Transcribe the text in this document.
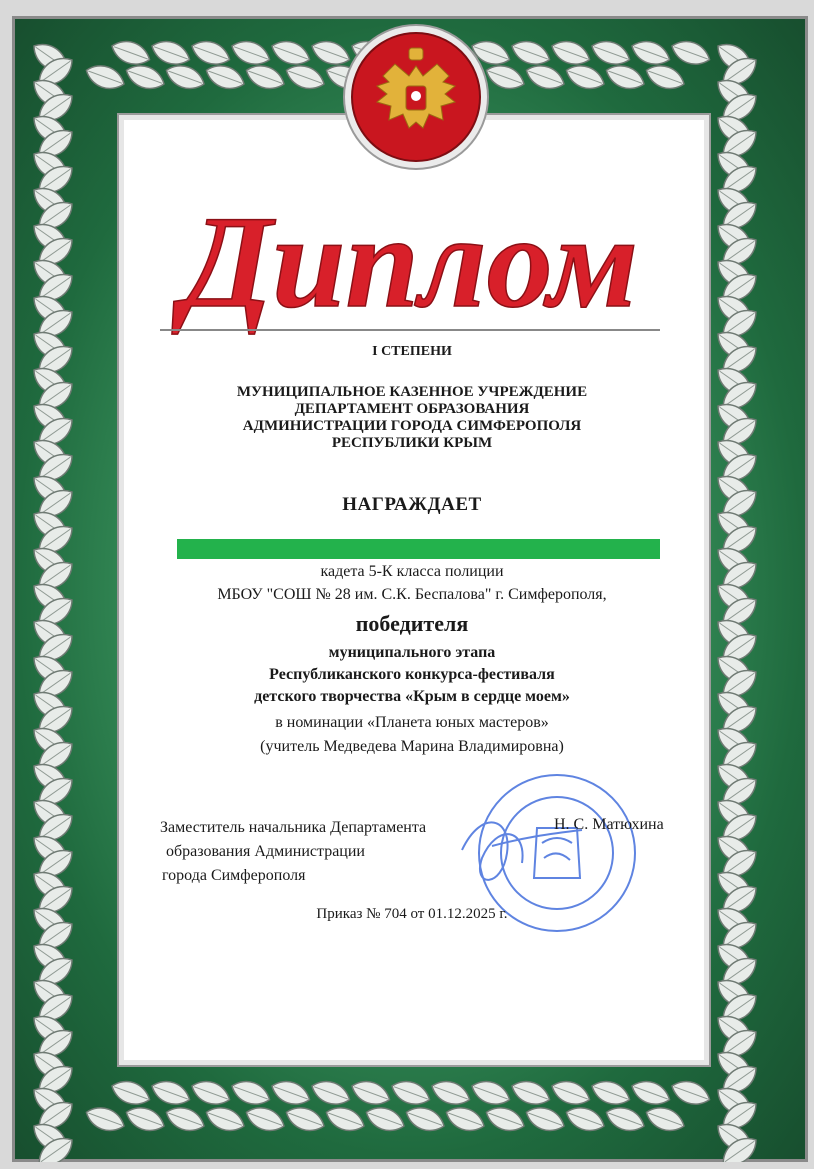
Диплом
I СТЕПЕНИ
МУНИЦИПАЛЬНОЕ КАЗЕННОЕ УЧРЕЖДЕНИЕ
ДЕПАРТАМЕНТ ОБРАЗОВАНИЯ
АДМИНИСТРАЦИИ ГОРОДА СИМФЕРОПОЛЯ
РЕСПУБЛИКИ КРЫМ
НАГРАЖДАЕТ
кадета 5-К класса полиции
МБОУ "СОШ № 28 им. С.К. Беспалова" г. Симферополя,
победителя
муниципального этапа
Республиканского конкурса-фестиваля
детского творчества «Крым в сердце моем»
в номинации «Планета юных мастеров»
(учитель Медведева Марина Владимировна)
Заместитель начальника Департамента
образования Администрации
города Симферополя
Н. С. Матюхина
Приказ № 704 от 01.12.2025 г.
